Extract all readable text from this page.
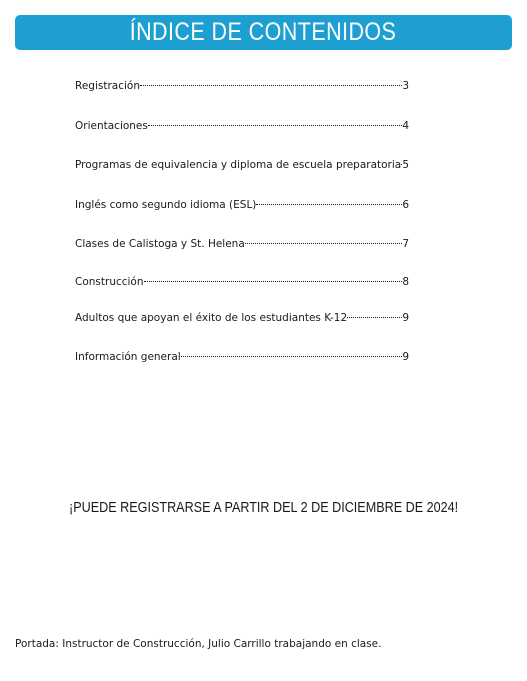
ÍNDICE DE CONTENIDOS
Registración	3
Orientaciones	4
Programas de equivalencia y diploma de escuela preparatoria 5
Inglés como segundo idioma (ESL)	6
Clases de Calistoga y St. Helena	7
Construcción	8
Adultos que apoyan el éxito de los estudiantes K-12	9
Información general	9
¡PUEDE REGISTRARSE A PARTIR DEL 2 DE DICIEMBRE DE 2024!
Portada: Instructor de Construcción, Julio Carrillo trabajando en clase.
